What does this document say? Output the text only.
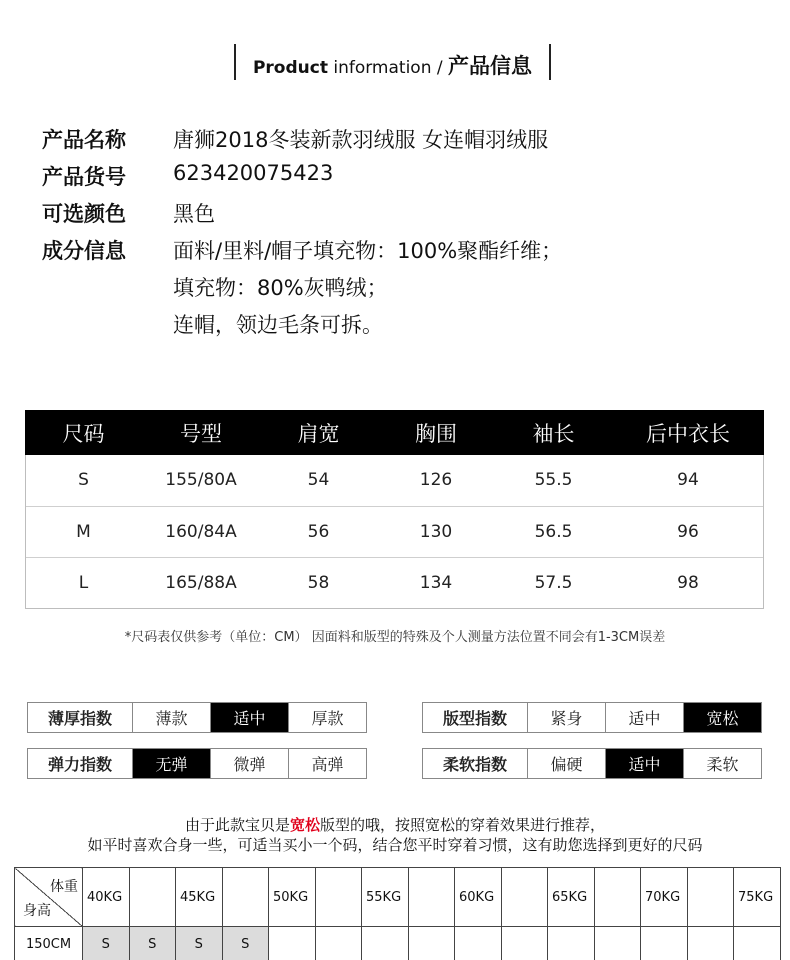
Product information / 产品信息
产品名称 唐狮2018冬装新款羽绒服 女连帽羽绒服
产品货号 623420075423
可选颜色 黑色
成分信息 面料/里料/帽子填充物：100%聚酯纤维；
填充物：80%灰鸭绒；
连帽，领边毛条可拆。
尺码	号型	肩宽	胸围	袖长	后中衣长
S	155/80A	54	126	55.5	94
M	160/84A	56	130	56.5	96
L	165/88A	58	134	57.5	98
*尺码表仅供参考（单位：CM） 因面料和版型的特殊及个人测量方法位置不同会有1-3CM误差
薄厚指数	薄款	适中	厚款	版型指数	紧身	适中	宽松
弹力指数	无弹	微弹	高弹	柔软指数	偏硬	适中	柔软
由于此款宝贝是宽松版型的哦，按照宽松的穿着效果进行推荐，
如平时喜欢合身一些，可适当买小一个码，结合您平时穿着习惯，这有助您选择到更好的尺码
体重
身高	40KG		45KG		50KG		55KG		60KG		65KG		70KG		75KG
150CM	S	S	S	S											
